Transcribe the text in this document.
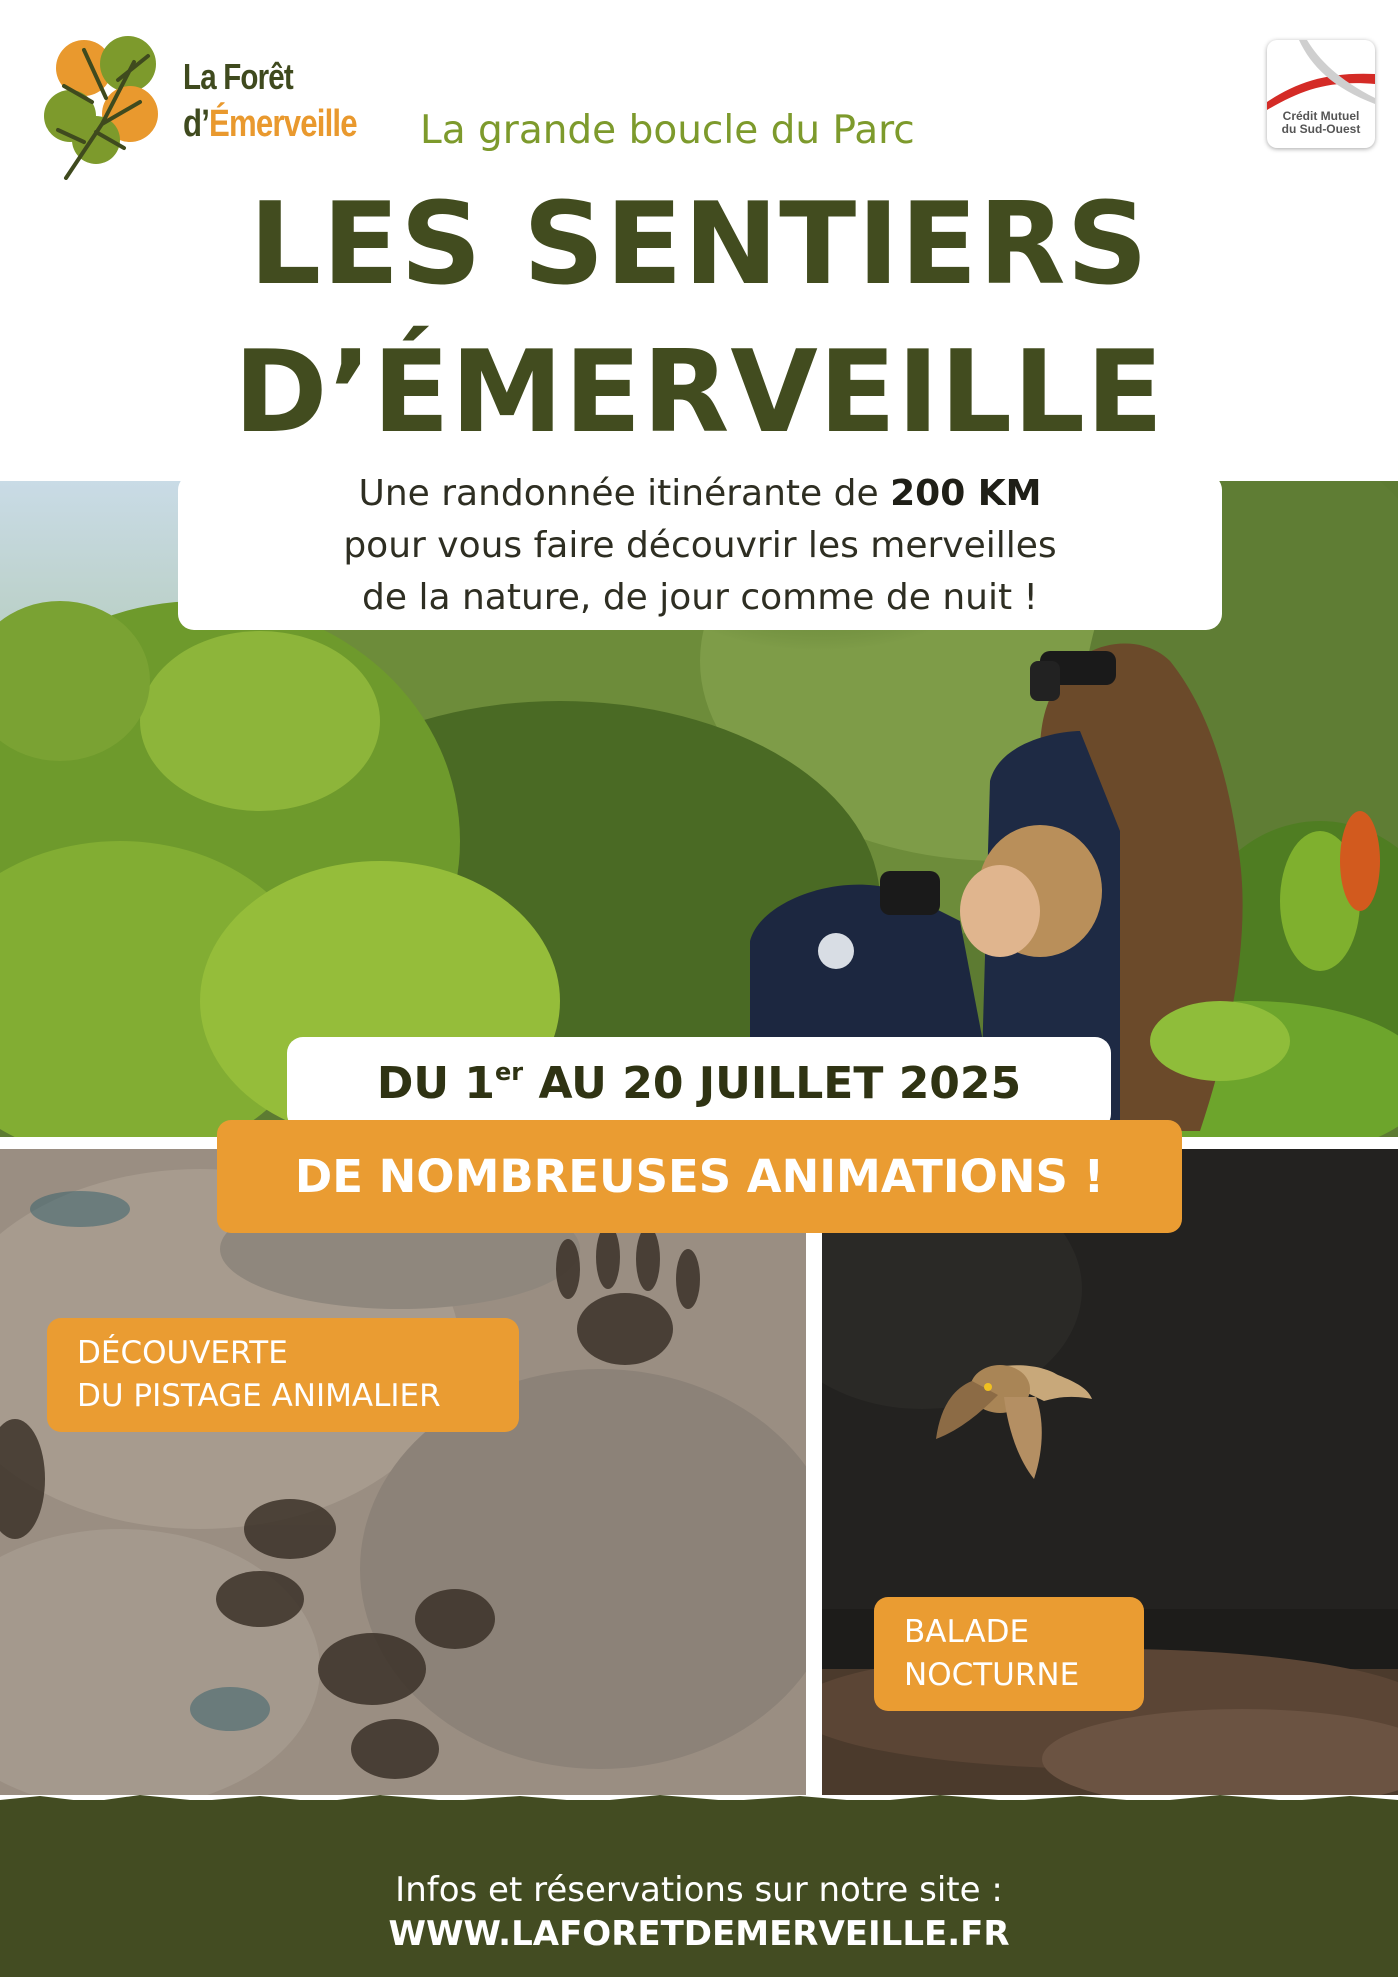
La Forêt
d’Émerveille La grande boucle du Parc	Crédit Mutuel
du Sud-Ouest
LES SENTIERS
D’ÉMERVEILLE
Une randonnée itinérante de 200 KM
pour vous faire découvrir les merveilles
de la nature, de jour comme de nuit !
DU 1er AU 20 JUILLET 2025
DE NOMBREUSES ANIMATIONS !
DÉCOUVERTE
DU PISTAGE ANIMALIER
BALADE
NOCTURNE
Infos et réservations sur notre site :
WWW.LAFORETDEMERVEILLE.FR
